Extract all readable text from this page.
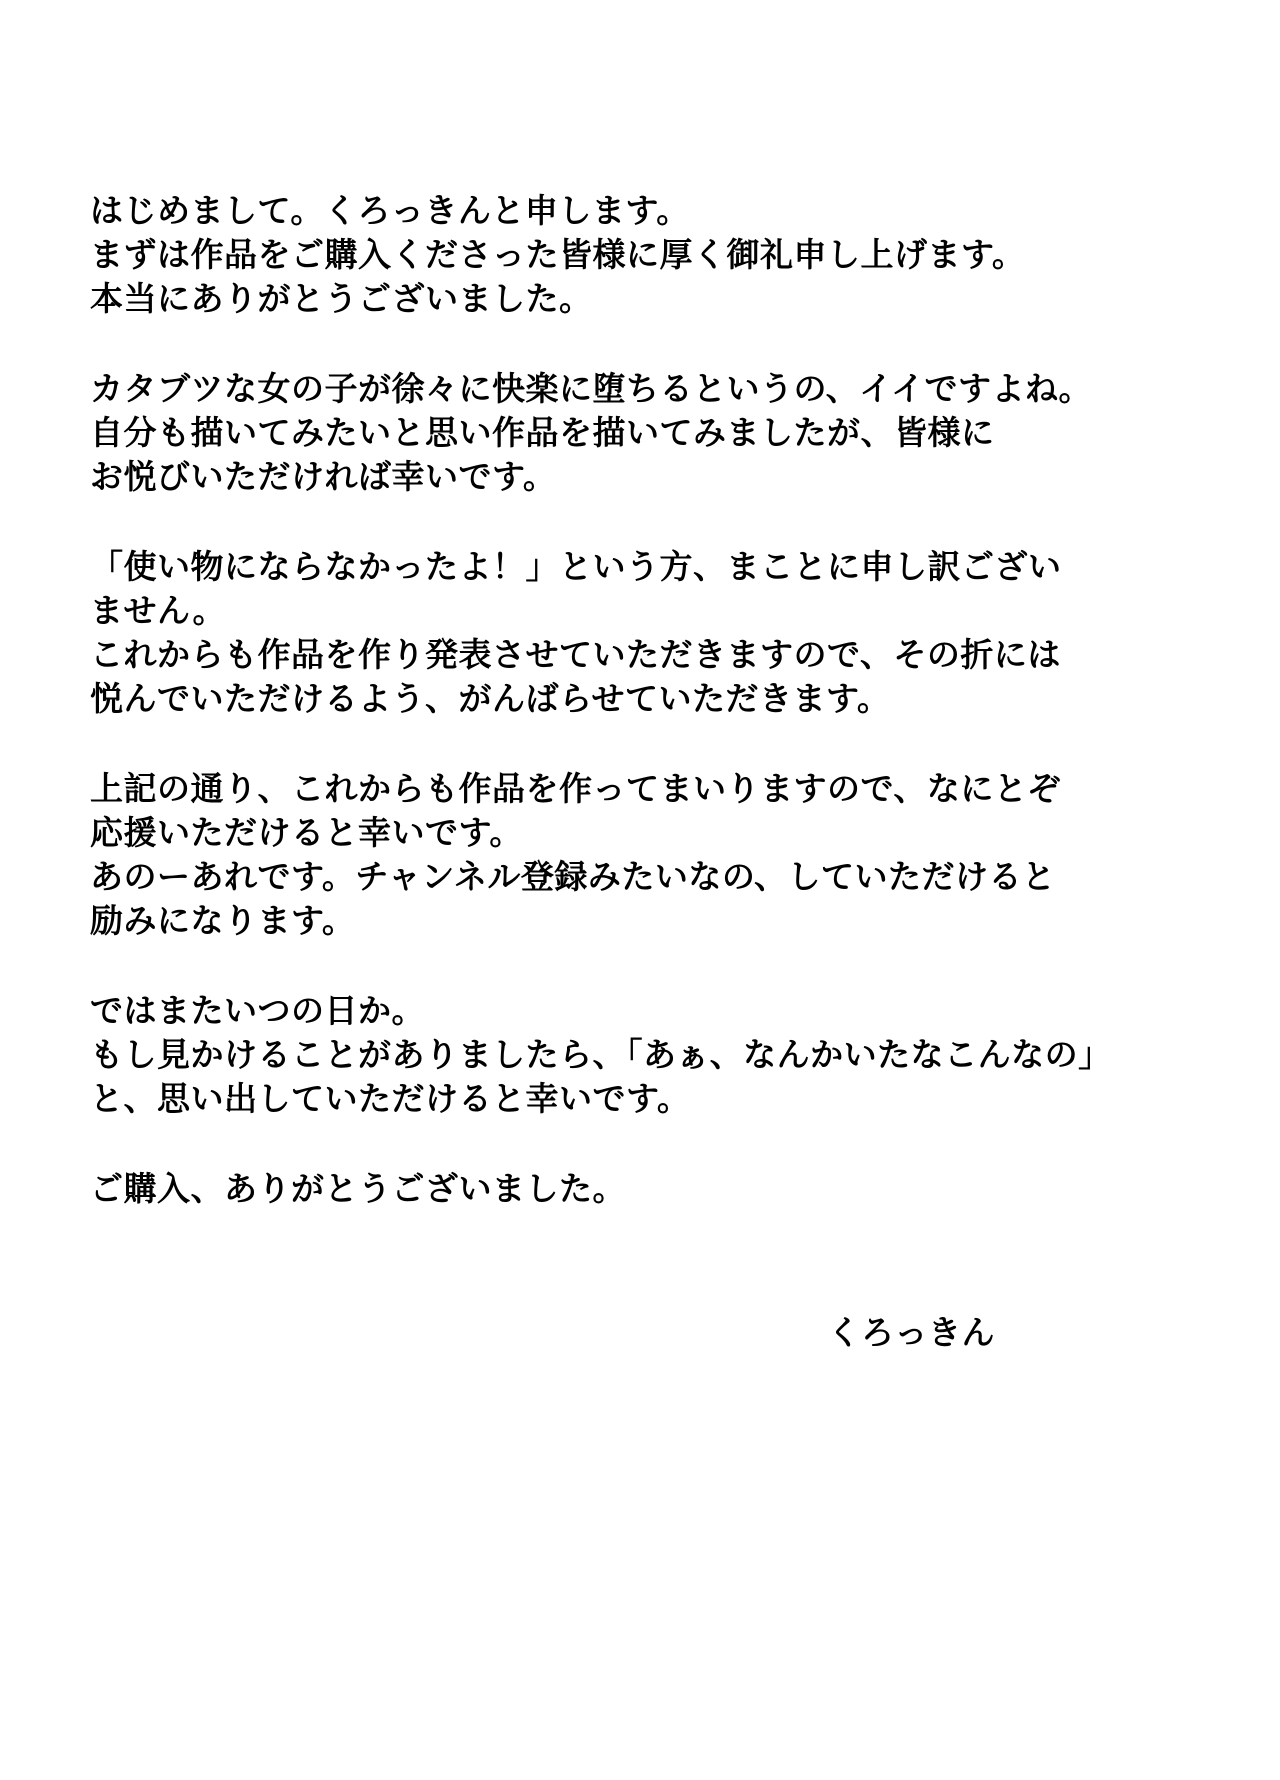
はじめまして。くろっきんと申します。
まずは作品をご購入くださった皆様に厚く御礼申し上げます。
本当にありがとうございました。
カタブツな女の子が徐々に快楽に堕ちるというの、イイですよね。
自分も描いてみたいと思い作品を描いてみましたが、皆様に
お悦びいただければ幸いです。
「使い物にならなかったよ！」という方、まことに申し訳ござい
ません。
これからも作品を作り発表させていただきますので、その折には
悦んでいただけるよう、がんばらせていただきます。
上記の通り、これからも作品を作ってまいりますので、なにとぞ
応援いただけると幸いです。
あのーあれです。チャンネル登録みたいなの、していただけると
励みになります。
ではまたいつの日か。
もし見かけることがありましたら、「あぁ、なんかいたなこんなの」
と、思い出していただけると幸いです。
ご購入、ありがとうございました。
くろっきん
